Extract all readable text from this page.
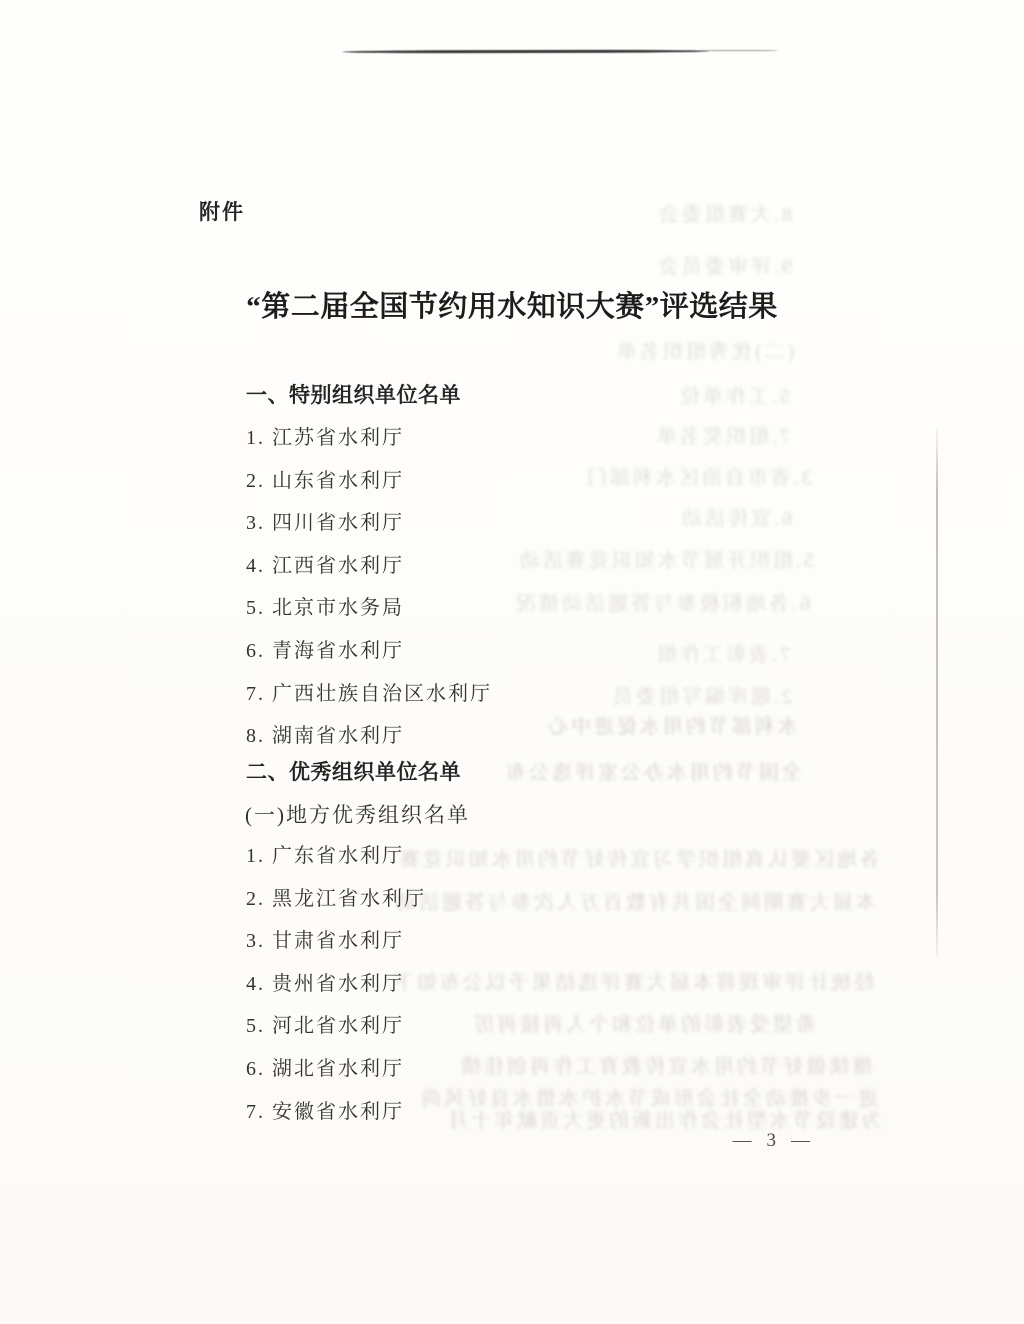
8.大赛组委会
9.评审委员会
(二)优秀组织名单
5.工作单位
7.组织奖名单
3.省市自治区水利部门
6.宣传活动
5.组织开展节水知识竞赛活动
6.各地积极参与答题活动情况
7.表彰工作组
2.题库编写组委员
水利部节约用水促进中心
全国节约用水办公室评选公布
各地区要认真组织学习宣传好节约用水知识竞赛
本届大赛期间全国共有数百万人次参与答题活动
经统计评审现将本届大赛评选结果予以公布如下
希望受表彰的单位和个人再接再厉
继续做好节约用水宣传教育工作再创佳绩
进一步推动全社会形成节水护水惜水良好风尚
为建设节水型社会作出新的更大贡献年十月
附件
“第二届全国节约用水知识大赛”评选结果
一、特别组织单位名单
1. 江苏省水利厅
2. 山东省水利厅
3. 四川省水利厅
4. 江西省水利厅
5. 北京市水务局
6. 青海省水利厅
7. 广西壮族自治区水利厅
8. 湖南省水利厅
二、优秀组织单位名单
(一)地方优秀组织名单
1. 广东省水利厅
2. 黑龙江省水利厅
3. 甘肃省水利厅
4. 贵州省水利厅
5. 河北省水利厅
6. 湖北省水利厅
7. 安徽省水利厅
— 3 —
